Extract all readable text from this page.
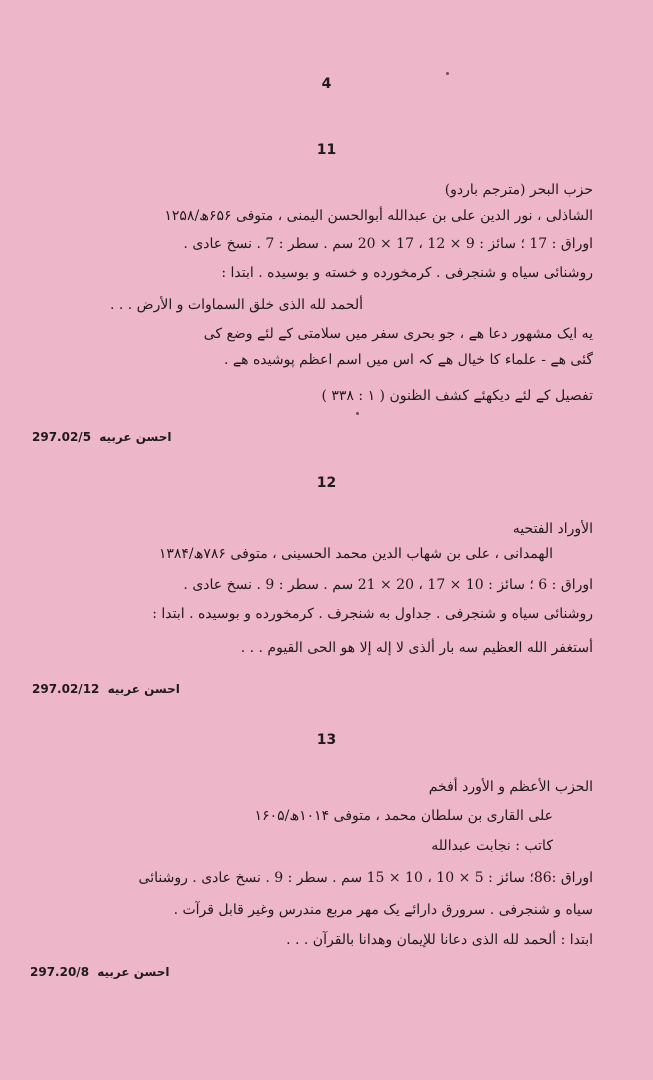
4
11
حزب البحر (مترجم باردو)
الشاذلی ، نور الدین علی بن عبدالله أبوالحسن الیمنی ، متوفی ۶۵۶ھ/۱۲۵۸
اوراق : 17 ؛ سائز : 9 × 12 ، 17 × 20 سم . سطر : 7 . نسخ عادی .
روشنائی سیاه و شنجرفی . کرمخورده و خسته و بوسیده . ابتدا :
ألحمد لله الذی خلق السماوات و الأرض . . .
یه ایک مشهور دعا هے ، جو بحری سفر میں سلامتی کے لئے وضع کی
گئی هے - علماء کا خیال هے کہ اس میں اسم اعظم پوشیده هے .
تفصیل کے لئے دیکھئے کشف الظنون ( ۱ : ۳۳۸ )
297.02/5 احسن عربیه
12
الأوراد الفتحیه
الهمدانی ، علی بن شهاب الدین محمد الحسینی ، متوفی ۷۸۶ھ/۱۳۸۴
اوراق : 6 ؛ سائز : 10 × 17 ، 20 × 21 سم . سطر : 9 . نسخ عادی .
روشنائی سیاه و شنجرفی . جداول به شنجرف . کرمخورده و بوسیده . ابتدا :
أستغفر الله العظیم سه بار ألذی لا إله إلا هو الحی القیوم . . .
297.02/12 احسن عربیه
13
الحزب الأعظم و الأورد أفخم
علی القاری بن سلطان محمد ، متوفی ۱۰۱۴ھ/۱۶۰۵
کاتب : نجابت عبدالله
اوراق :86؛ سائز : 5 × 10 ، 10 × 15 سم . سطر : 9 . نسخ عادی . روشنائی
سیاه و شنجرفی . سرورق دارائے یک مهر مربع مندرس وغیر قابل قرآت .
ابتدا : ألحمد لله الذی دعانا للإیمان وهدانا بالقرآن . . .
297.20/8 احسن عربیه
